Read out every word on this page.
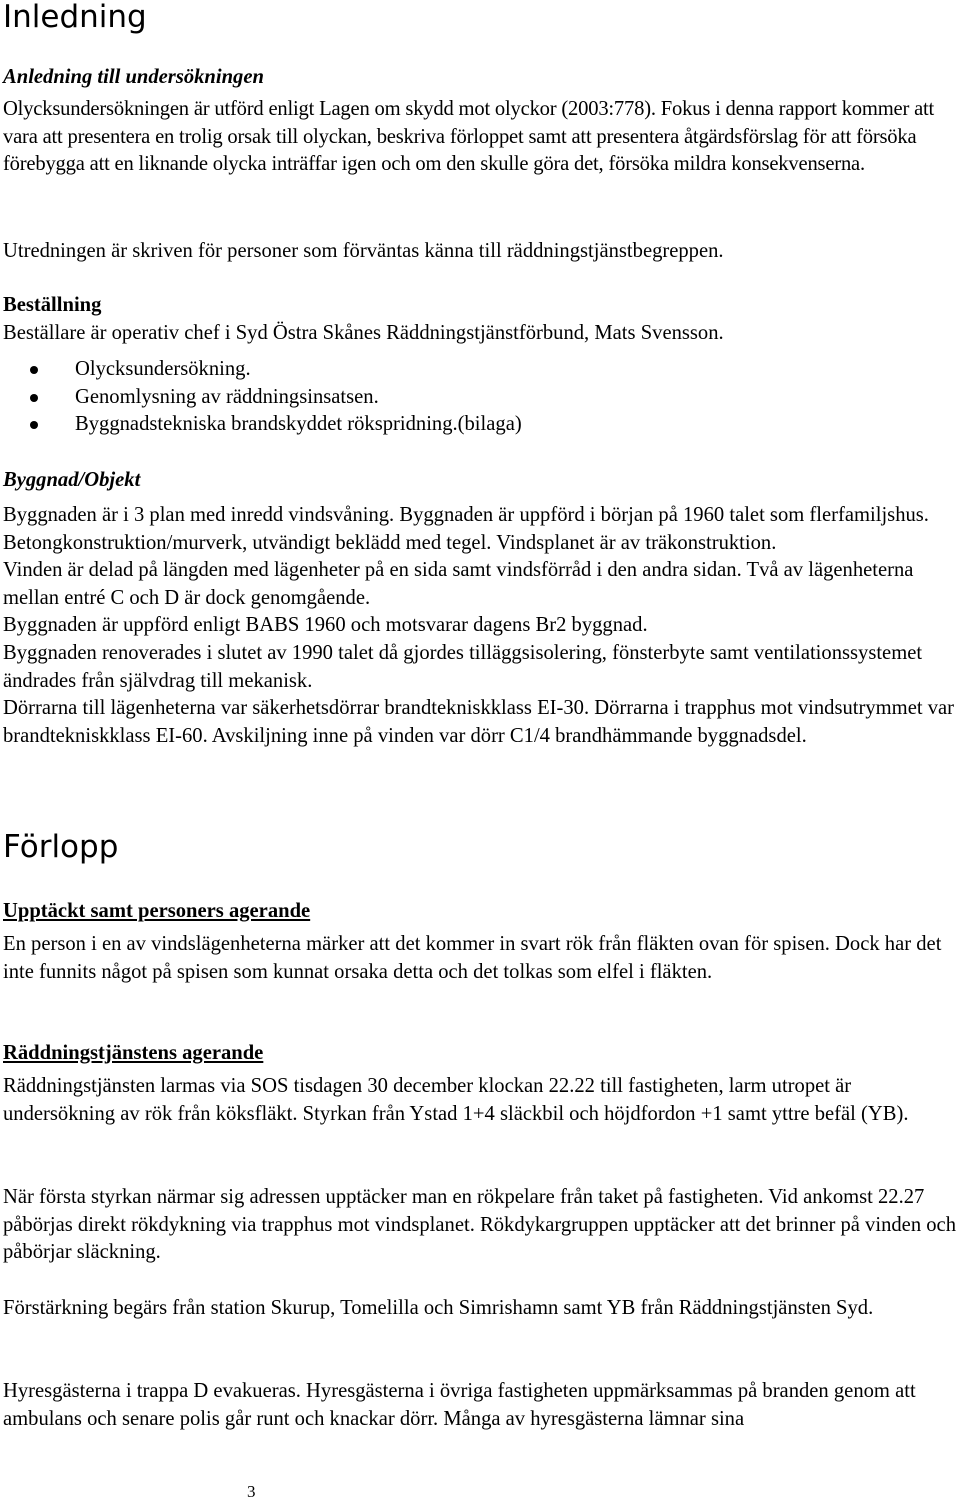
Inledning

Anledning till undersökningen

Olycksundersökningen är utförd enligt Lagen om skydd mot olyckor (2003:778). Fokus i denna rapport kommer att vara att presentera en trolig orsak till olyckan, beskriva förloppet samt att presentera åtgärdsförslag för att försöka förebygga att en liknande olycka inträffar igen och om den skulle göra det, försöka mildra konsekvenserna.

Utredningen är skriven för personer som förväntas känna till räddningstjänstbegreppen.

Beställning

Beställare är operativ chef i Syd Östra Skånes Räddningstjänstförbund, Mats Svensson.

Olycksundersökning.
Genomlysning av räddningsinsatsen.
Byggnadstekniska brandskyddet rökspridning.(bilaga)

Byggnad/Objekt

Byggnaden är i 3 plan med inredd vindsvåning. Byggnaden är uppförd i början på 1960 talet som flerfamiljshus.

Betongkonstruktion/murverk, utvändigt beklädd med tegel. Vindsplanet är av träkonstruktion.

Vinden är delad på längden med lägenheter på en sida samt vindsförråd i den andra sidan. Två av lägenheterna mellan entré C och D är dock genomgående.

Byggnaden är uppförd enligt BABS 1960 och motsvarar dagens Br2 byggnad.

Byggnaden renoverades i slutet av 1990 talet då gjordes tilläggsisolering, fönsterbyte samt ventilationssystemet ändrades från självdrag till mekanisk.

Dörrarna till lägenheterna var säkerhetsdörrar brandtekniskklass EI-30. Dörrarna i trapphus mot vindsutrymmet var brandtekniskklass EI-60. Avskiljning inne på vinden var dörr C1/4 brandhämmande byggnadsdel.

Förlopp

Upptäckt samt personers agerande

En person i en av vindslägenheterna märker att det kommer in svart rök från fläkten ovan för spisen. Dock har det inte funnits något på spisen som kunnat orsaka detta och det tolkas som elfel i fläkten.

Räddningstjänstens agerande

Räddningstjänsten larmas via SOS tisdagen 30 december klockan 22.22 till fastigheten, larm utropet är undersökning av rök från köksfläkt. Styrkan från Ystad 1+4 släckbil och höjdfordon +1 samt yttre befäl (YB).

När första styrkan närmar sig adressen upptäcker man en rökpelare från taket på fastigheten. Vid ankomst 22.27 påbörjas direkt rökdykning via trapphus mot vindsplanet. Rökdykargruppen upptäcker att det brinner på vinden och påbörjar släckning.

Förstärkning begärs från station Skurup, Tomelilla och Simrishamn samt YB från Räddningstjänsten Syd.

Hyresgästerna i trappa D evakueras. Hyresgästerna i övriga fastigheten uppmärksammas på branden genom att ambulans och senare polis går runt och knackar dörr. Många av hyresgästerna lämnar sina

3
